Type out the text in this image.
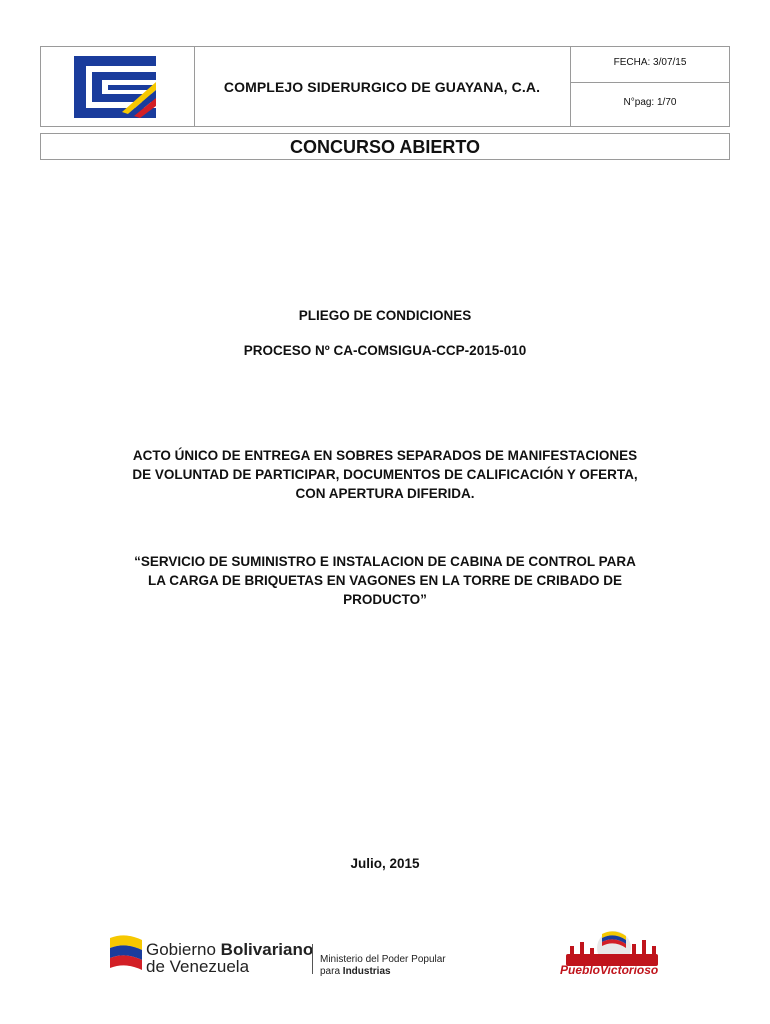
COMPLEJO SIDERURGICO DE GUAYANA, C.A.
FECHA: 3/07/15
N°pag: 1/70
CONCURSO ABIERTO
PLIEGO DE CONDICIONES
PROCESO Nº CA-COMSIGUA-CCP-2015-010
ACTO ÚNICO DE ENTREGA EN SOBRES SEPARADOS DE MANIFESTACIONES
DE VOLUNTAD DE PARTICIPAR, DOCUMENTOS DE CALIFICACIÓN Y OFERTA,
CON APERTURA DIFERIDA.
“SERVICIO DE SUMINISTRO E INSTALACION DE CABINA DE CONTROL PARA
LA CARGA DE BRIQUETAS EN VAGONES EN LA TORRE DE CRIBADO DE
PRODUCTO”
Julio, 2015
Gobierno Bolivariano
de Venezuela	Ministerio del Poder Popular
para Industrias	PuebloVictorioso
